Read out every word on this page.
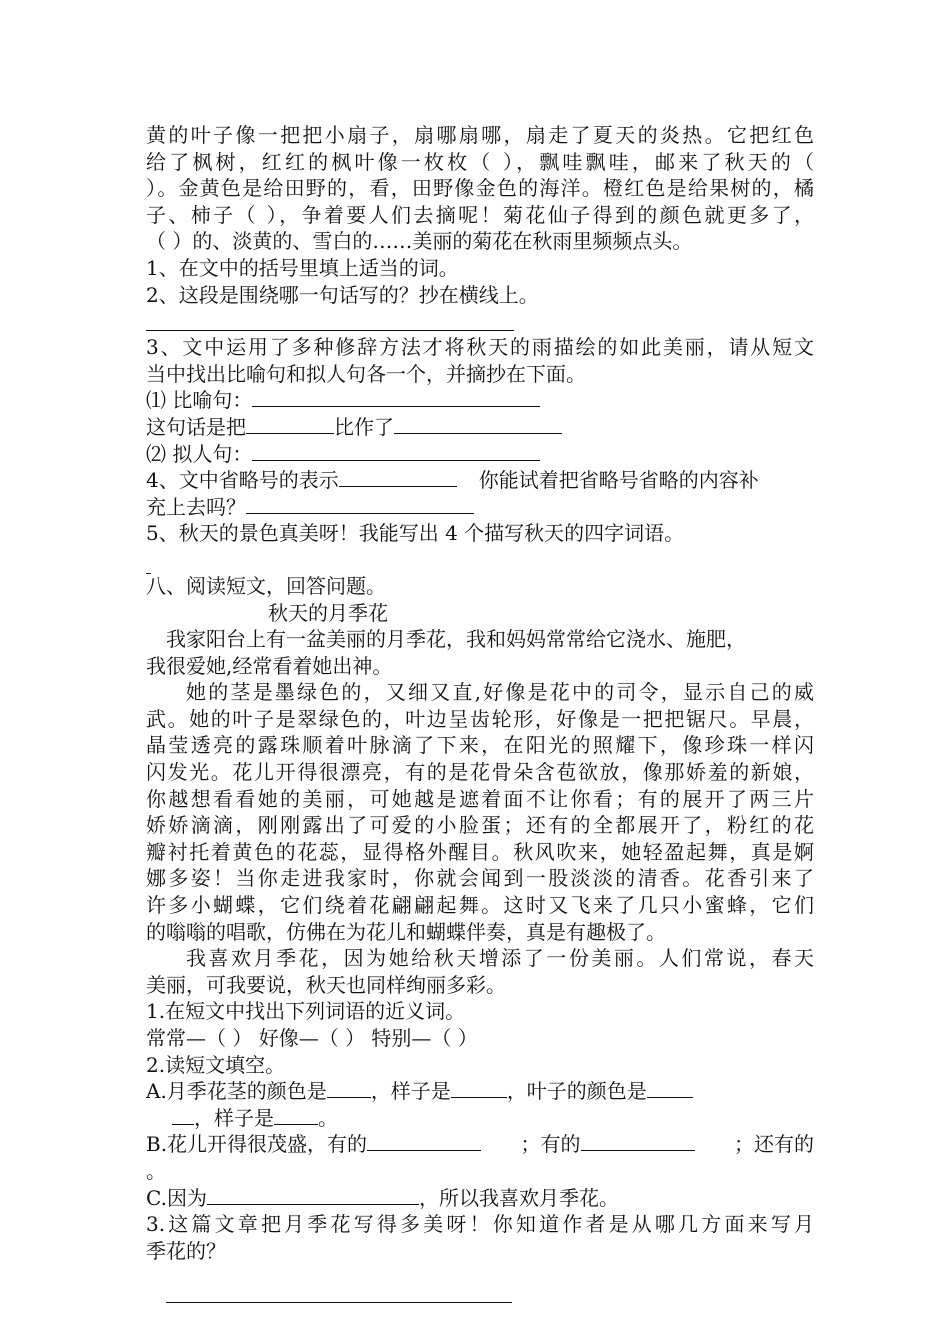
黄的叶子像一把把小扇子，扇哪扇哪，扇走了夏天的炎热。它把红色
给了枫树，红红的枫叶像一枚枚（ ），飘哇飘哇，邮来了秋天的（
）。金黄色是给田野的，看，田野像金色的海洋。橙红色是给果树的，橘
子、柿子（ ），争着要人们去摘呢！菊花仙子得到的颜色就更多了，
（ ）的、淡黄的、雪白的……美丽的菊花在秋雨里频频点头。
1、在文中的括号里填上适当的词。
2、这段是围绕哪一句话写的？抄在横线上。
3、文中运用了多种修辞方法才将秋天的雨描绘的如此美丽，请从短文
当中找出比喻句和拟人句各一个，并摘抄在下面。
⑴ 比喻句：
这句话是把	比作了
⑵ 拟人句：
4、文中省略号的表示	你能试着把省略号省略的内容补
充上去吗？
5、秋天的景色真美呀！我能写出 4 个描写秋天的四字词语。
八、阅读短文，回答问题。
秋天的月季花
我家阳台上有一盆美丽的月季花，我和妈妈常常给它浇水、施肥，
我很爱她,经常看着她出神。
她的茎是墨绿色的，又细又直,好像是花中的司令，显示自己的威
武。她的叶子是翠绿色的，叶边呈齿轮形，好像是一把把锯尺。早晨，
晶莹透亮的露珠顺着叶脉滴了下来，在阳光的照耀下，像珍珠一样闪
闪发光。花儿开得很漂亮，有的是花骨朵含苞欲放，像那娇羞的新娘，
你越想看看她的美丽，可她越是遮着面不让你看；有的展开了两三片
娇娇滴滴，刚刚露出了可爱的小脸蛋；还有的全都展开了，粉红的花
瓣衬托着黄色的花蕊，显得格外醒目。秋风吹来，她轻盈起舞，真是婀
娜多姿！当你走进我家时，你就会闻到一股淡淡的清香。花香引来了
许多小蝴蝶，它们绕着花翩翩起舞。这时又飞来了几只小蜜蜂，它们
的嗡嗡的唱歌，仿佛在为花儿和蝴蝶伴奏，真是有趣极了。
我喜欢月季花，因为她给秋天增添了一份美丽。人们常说，春天
美丽，可我要说，秋天也同样绚丽多彩。
1.在短文中找出下列词语的近义词。
常常—（ ） 好像—（ ） 特别—（ ）
2.读短文填空。
A.月季花茎的颜色是 ，样子是	，叶子的颜色是
，样子是 。
B.花儿开得很茂盛，有的	；有的	；还有的
。
C.因为	，所以我喜欢月季花。
3.这篇文章把月季花写得多美呀！你知道作者是从哪几方面来写月
季花的？
